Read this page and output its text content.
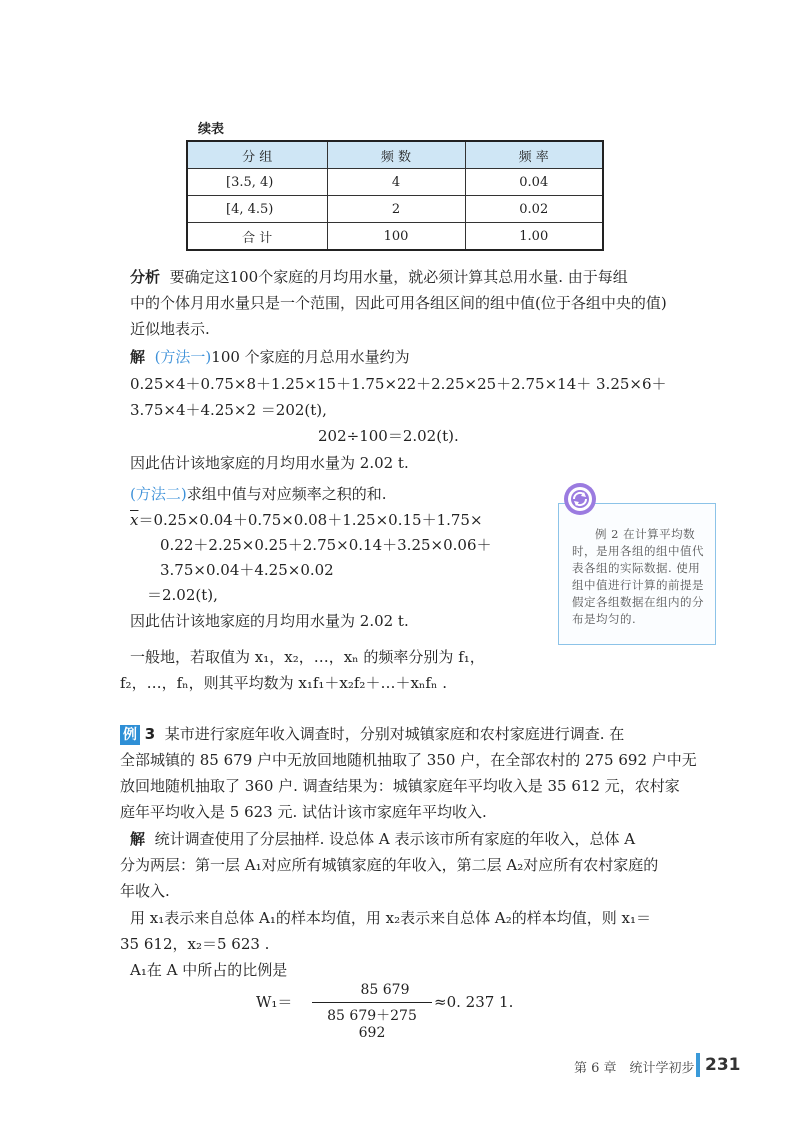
续表
分 组	频 数	频 率
[3.5, 4)	4	0.04
[4, 4.5)	2	0.02
合 计	100	1.00
分析 要确定这100个家庭的月均用水量，就必须计算其总用水量. 由于每组
中的个体月用水量只是一个范围，因此可用各组区间的组中值(位于各组中央的值)
近似地表示.
解 (方法一)100 个家庭的月总用水量约为
0.25×4＋0.75×8＋1.25×15＋1.75×22＋2.25×25＋2.75×14＋ 3.25×6＋
3.75×4＋4.25×2 ＝202(t),
202÷100＝2.02(t).
因此估计该地家庭的月均用水量为 2.02 t.
(方法二)求组中值与对应频率之积的和.
$\overline{x}=0.25\times 0.04+0.75\times 0.08+1.25\times 0.15+1.75\times$
0.22＋2.25×0.25＋2.75×0.14＋3.25×0.06＋
3.75×0.04＋4.25×0.02
＝2.02(t),
因此估计该地家庭的月均用水量为 2.02 t.
例 2 在计算平均数时，是用各组的组中值代表各组的实际数据. 使用组中值进行计算的前提是假定各组数据在组内的分布是均匀的.
一般地，若取值为 x₁，x₂，…，xₙ 的频率分别为 f₁，
f₂，…，fₙ，则其平均数为 x₁f₁＋x₂f₂＋…＋xₙfₙ .
例 3 某市进行家庭年收入调查时，分别对城镇家庭和农村家庭进行调查. 在
全部城镇的 85 679 户中无放回地随机抽取了 350 户，在全部农村的 275 692 户中无
放回地随机抽取了 360 户. 调查结果为：城镇家庭年平均收入是 35 612 元，农村家
庭年平均收入是 5 623 元. 试估计该市家庭年平均收入.
解 统计调查使用了分层抽样. 设总体 A 表示该市所有家庭的年收入，总体 A
分为两层：第一层 A₁对应所有城镇家庭的年收入，第二层 A₂对应所有农村家庭的
年收入.
用 x₁表示来自总体 A₁的样本均值，用 x₂表示来自总体 A₂的样本均值，则 x₁＝
35 612，x₂＝5 623 .
A₁在 A 中所占的比例是
W₁＝
85 679
85 679＋275 692
≈0. 237 1.
第 6 章　统计学初步 231
